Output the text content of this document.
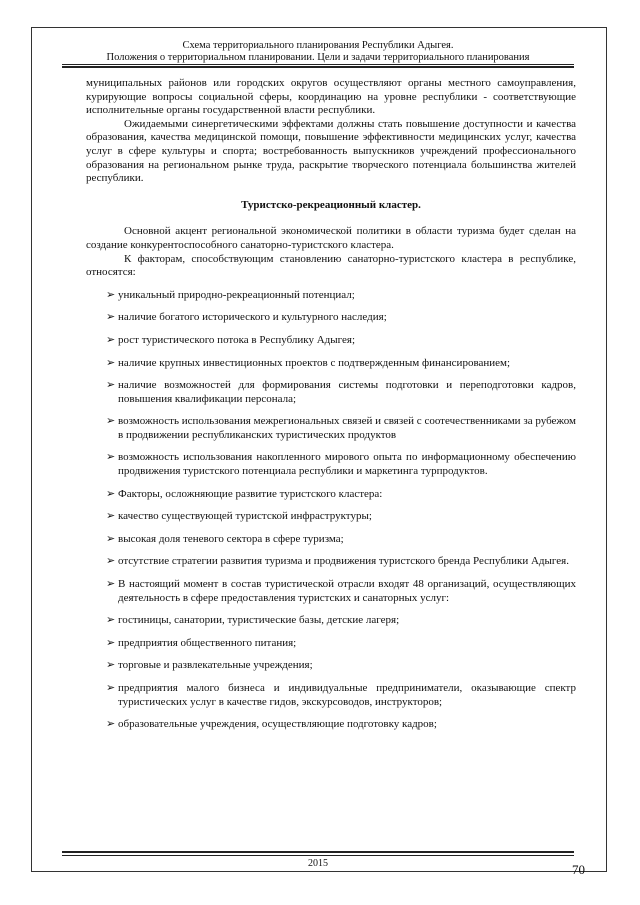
Схема территориального планирования Республики Адыгея.
Положения о территориальном планировании. Цели и задачи территориального планирования

муниципальных районов или городских округов осуществляют органы местного самоуправления, курирующие вопросы социальной сферы, координацию на уровне республики - соответствующие исполнительные органы государственной власти республики.

Ожидаемыми синергетическими эффектами должны стать повышение доступности и качества образования, качества медицинской помощи, повышение эффективности медицинских услуг, качества услуг в сфере культуры и спорта; востребованность выпускников учреждений профессионального образования на региональном рынке труда, раскрытие творческого потенциала большинства жителей республики.

Туристско-рекреационный кластер.

Основной акцент региональной экономической политики в области туризма будет сделан на создание конкурентоспособного санаторно-туристского кластера.

К факторам, способствующим становлению санаторно-туристского кластера в республике, относятся:

➢ уникальный природно-рекреационный потенциал;

➢ наличие богатого исторического и культурного наследия;

➢ рост туристического потока в Республику Адыгея;

➢ наличие крупных инвестиционных проектов с подтвержденным финансированием;

➢ наличие возможностей для формирования системы подготовки и переподготовки кадров, повышения квалификации персонала;

➢ возможность использования межрегиональных связей и связей с соотечественниками за рубежом в продвижении республиканских туристических продуктов

➢ возможность использования накопленного мирового опыта по информационному обеспечению продвижения туристского потенциала республики и маркетинга турпродуктов.

➢ Факторы, осложняющие развитие туристского кластера:

➢ качество существующей туристской инфраструктуры;

➢ высокая доля теневого сектора в сфере туризма;

➢ отсутствие стратегии развития туризма и продвижения туристского бренда Республики Адыгея.

➢ В настоящий момент в состав туристической отрасли входят 48 организаций, осуществляющих деятельность в сфере предоставления туристских и санаторных услуг:

➢ гостиницы, санатории, туристические базы, детские лагеря;

➢ предприятия общественного питания;

➢ торговые и развлекательные учреждения;

➢ предприятия малого бизнеса и индивидуальные предприниматели, оказывающие спектр туристических услуг в качестве гидов, экскурсоводов, инструкторов;

➢ образовательные учреждения, осуществляющие подготовку кадров;

2015	70
